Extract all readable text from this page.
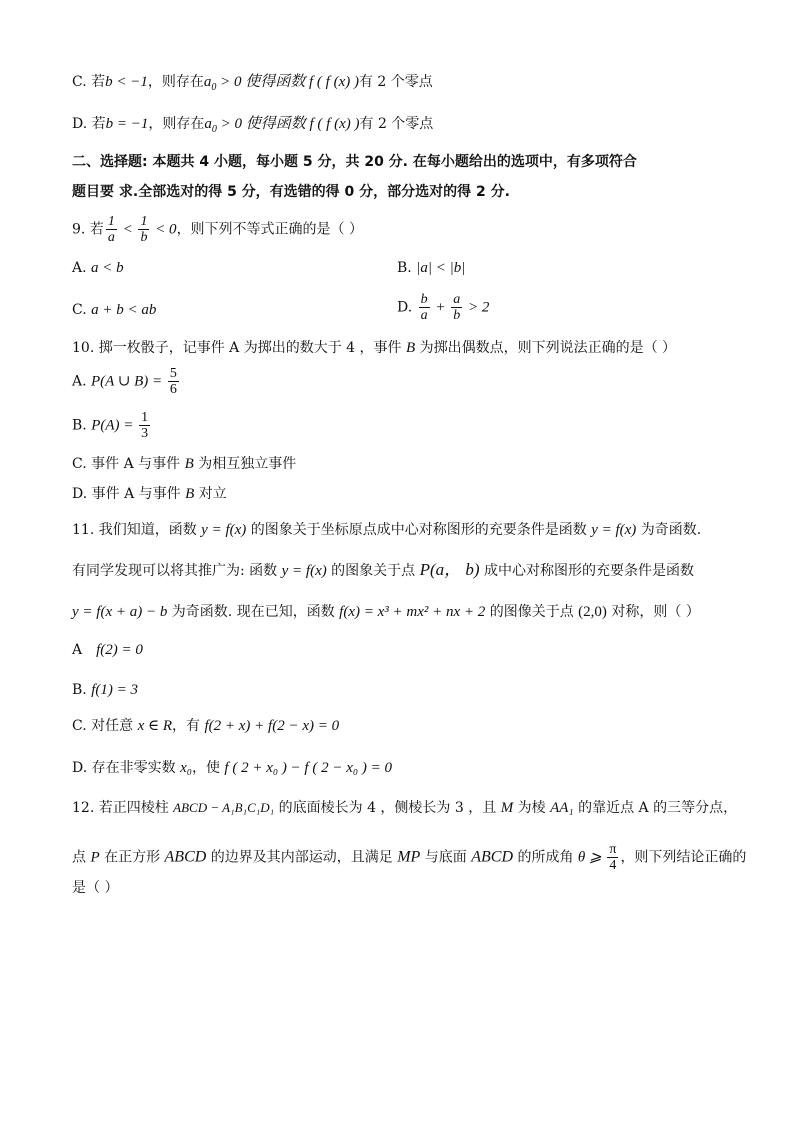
C. 若b < −1，则存在$a_0 > 0$ 使得函数 f ( f (x) )有 2 个零点
D. 若b = −1，则存在$a_0 > 0$ 使得函数 f ( f (x) )有 2 个零点
二、选择题: 本题共 4 小题，每小题 5 分，共 20 分. 在每小题给出的选项中，有多项符合
题目要 求.全部选对的得 5 分，有选错的得 0 分，部分选对的得 2 分.
9. 若 $\frac{1}{a} < \frac{1}{b} < 0$，则下列不等式正确的是（ ）
A. a < b	B. |a| < |b|
C. a + b < ab	D. $\frac{b}{a} + \frac{a}{b} > 2$
10. 掷一枚骰子，记事件 A 为掷出的数大于 4 ，事件 B 为掷出偶数点，则下列说法正确的是（ ）
A. P(A ∪ $B) = \frac{5}{6}$
B. $P(A) = \frac{1}{3}$
C. 事件 A 与事件 B 为相互独立事件
D. 事件 A 与事件 B 对立
11. 我们知道，函数 y = f(x) 的图象关于坐标原点成中心对称图形的充要条件是函数 y = f(x) 为奇函数.
有同学发现可以将其推广为: 函数 y = f(x) 的图象关于点 P(a， b) 成中心对称图形的充要条件是函数
y = f(x + a) − b 为奇函数. 现在已知，函数 f(x) = x³ + mx² + nx + 2 的图像关于点 (2,0) 对称，则（ ）
A f(2) = 0
B. f(1) = 3
C. 对任意 x ∈ R，有 f(2 + x) + f(2 − x) = 0
D. 存在非零实数 x₀，使 f ( 2 + x₀ ) − f ( 2 − x₀ ) = 0
12. 若正四棱柱 ABCD − A₁B₁C₁D₁ 的底面棱长为 4 ，侧棱长为 3 ，且 M 为棱 AA₁ 的靠近点 A 的三等分点，
点 P 在正方形 ABCD 的边界及其内部运动，且满足 MP 与底面 ABCD 的所成角 θ ⩾ $\frac{\pi}{4}$ ，则下列结论正确的
是（ ）
